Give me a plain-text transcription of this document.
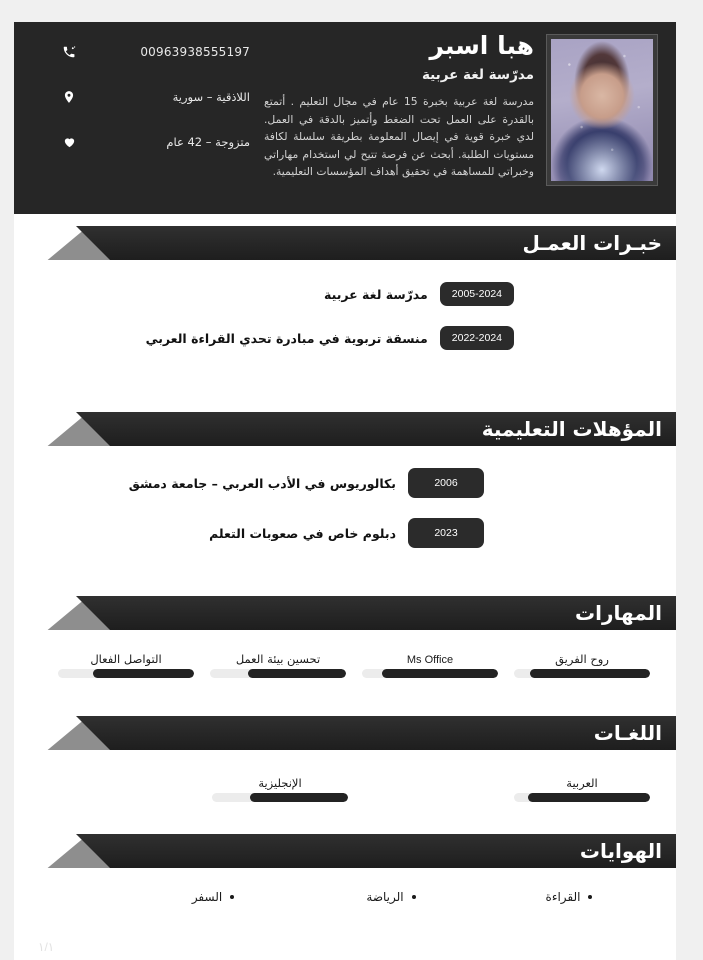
هبا اسبر
مدرّسة لغة عربية
مدرسة لغة عربية بخبرة 15 عام في مجال التعليم . أتمتع بالقدرة على العمل تحت الضغط وأتميز بالدقة في العمل. لدي خبرة قوية في إيصال المعلومة بطريقة سلسلة لكافة مستويات الطلبة. أبحث عن فرصة تتيح لي استخدام مهاراتي وخبراتي للمساهمة في تحقيق أهداف المؤسسات التعليمية.
00963938555197
اللاذقية – سورية
متزوجة – 42 عام
خبـرات العمـل
2005-2024
مدرّسة لغة عربية
2022-2024
منسقة تربوية في مبادرة تحدي القراءة العربي
المؤهلات التعليمية
2006
بكالوريوس في الأدب العربي – جامعة دمشق
2023
دبلوم خاص في صعوبات التعلم
المهارات
روح الفريق
Ms Office
تحسين بيئة العمل
التواصل الفعال
اللغـات
العربية
الإنجليزية
الهوايات
القراءة
الرياضة
السفر
١/١
